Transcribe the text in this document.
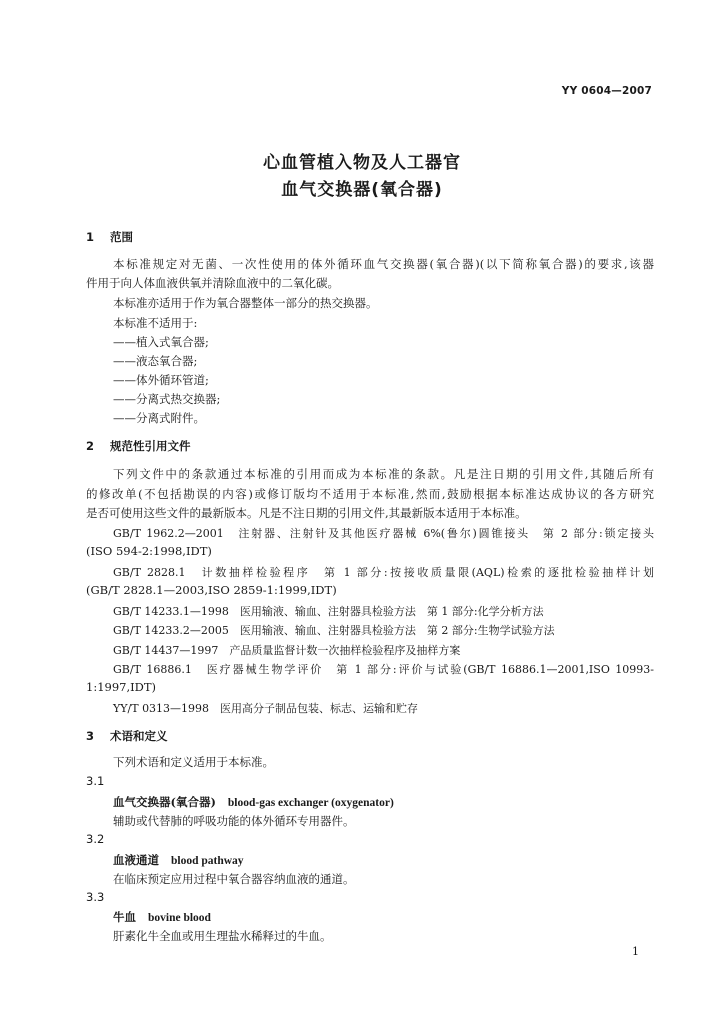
YY 0604—2007
心血管植入物及人工器官
血气交换器(氧合器)
1 范围
本标准规定对无菌、一次性使用的体外循环血气交换器(氧合器)(以下简称氧合器)的要求,该器
件用于向人体血液供氧并清除血液中的二氧化碳。
本标准亦适用于作为氧合器整体一部分的热交换器。
本标准不适用于:
——植入式氧合器;
——液态氧合器;
——体外循环管道;
——分离式热交换器;
——分离式附件。
2 规范性引用文件
下列文件中的条款通过本标准的引用而成为本标准的条款。凡是注日期的引用文件,其随后所有
的修改单(不包括勘误的内容)或修订版均不适用于本标准,然而,鼓励根据本标准达成协议的各方研究
是否可使用这些文件的最新版本。凡是不注日期的引用文件,其最新版本适用于本标准。
GB/T 1962.2—2001　注射器、注射针及其他医疗器械 6%(鲁尔)圆锥接头　第 2 部分:锁定接头
(ISO 594-2:1998,IDT)
GB/T 2828.1　计数抽样检验程序　第 1 部分:按接收质量限(AQL)检索的逐批检验抽样计划
(GB/T 2828.1—2003,ISO 2859-1:1999,IDT)
GB/T 14233.1—1998　医用输液、输血、注射器具检验方法　第 1 部分:化学分析方法
GB/T 14233.2—2005　医用输液、输血、注射器具检验方法　第 2 部分:生物学试验方法
GB/T 14437—1997　产品质量监督计数一次抽样检验程序及抽样方案
GB/T 16886.1　医疗器械生物学评价　第 1 部分:评价与试验(GB/T 16886.1—2001,ISO 10993-
1:1997,IDT)
YY/T 0313—1998　医用高分子制品包装、标志、运输和贮存
3 术语和定义
下列术语和定义适用于本标准。
3.1
血气交换器(氧合器) blood-gas exchanger (oxygenator)
辅助或代替肺的呼吸功能的体外循环专用器件。
3.2
血液通道 blood pathway
在临床预定应用过程中氧合器容纳血液的通道。
3.3
牛血 bovine blood
肝素化牛全血或用生理盐水稀释过的牛血。
1
